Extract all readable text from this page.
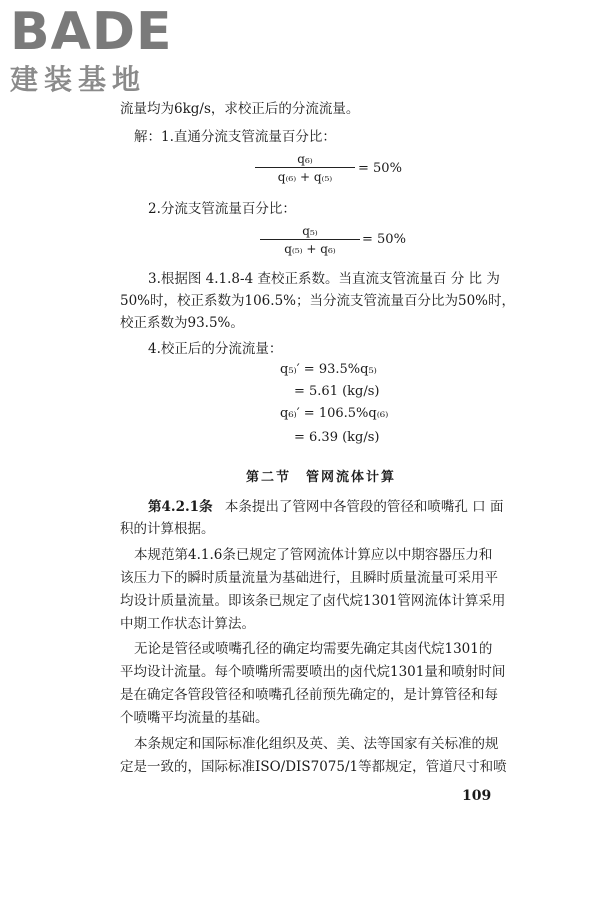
BADE
建装基地
流量均为6kg/s，求校正后的分流流量。
解：1.直通分流支管流量百分比：
$\frac{\text{q₆₎}}{\text{q₍₆₎ + q₍₅₎}} = 50\%$
2.分流支管流量百分比：
$\frac{\text{q₅₎}}{\text{q₍₅₎ + q₆₎}} = 50\%$
3.根据图 4.1.8-4 查校正系数。当直流支管流量百 分 比 为
50%时，校正系数为106.5%；当分流支管流量百分比为50%时，
校正系数为93.5%。
4.校正后的分流流量：
q₅₎′ = 93.5%q₅₎
= 5.61 (kg/s)
q₆₎′ = 106.5%q₍₆₎
= 6.39 (kg/s)
第二节　管网流体计算
第4.2.1条 本条提出了管网中各管段的管径和喷嘴孔 口 面
积的计算根据。
本规范第4.1.6条已规定了管网流体计算应以中期容器压力和
该压力下的瞬时质量流量为基础进行，且瞬时质量流量可采用平
均设计质量流量。即该条已规定了卤代烷1301管网流体计算采用
中期工作状态计算法。
无论是管径或喷嘴孔径的确定均需要先确定其卤代烷1301的
平均设计流量。每个喷嘴所需要喷出的卤代烷1301量和喷射时间
是在确定各管段管径和喷嘴孔径前预先确定的，是计算管径和每
个喷嘴平均流量的基础。
本条规定和国际标准化组织及英、美、法等国家有关标准的规
定是一致的，国际标准ISO/DIS7075/1等都规定，管道尺寸和喷
109
